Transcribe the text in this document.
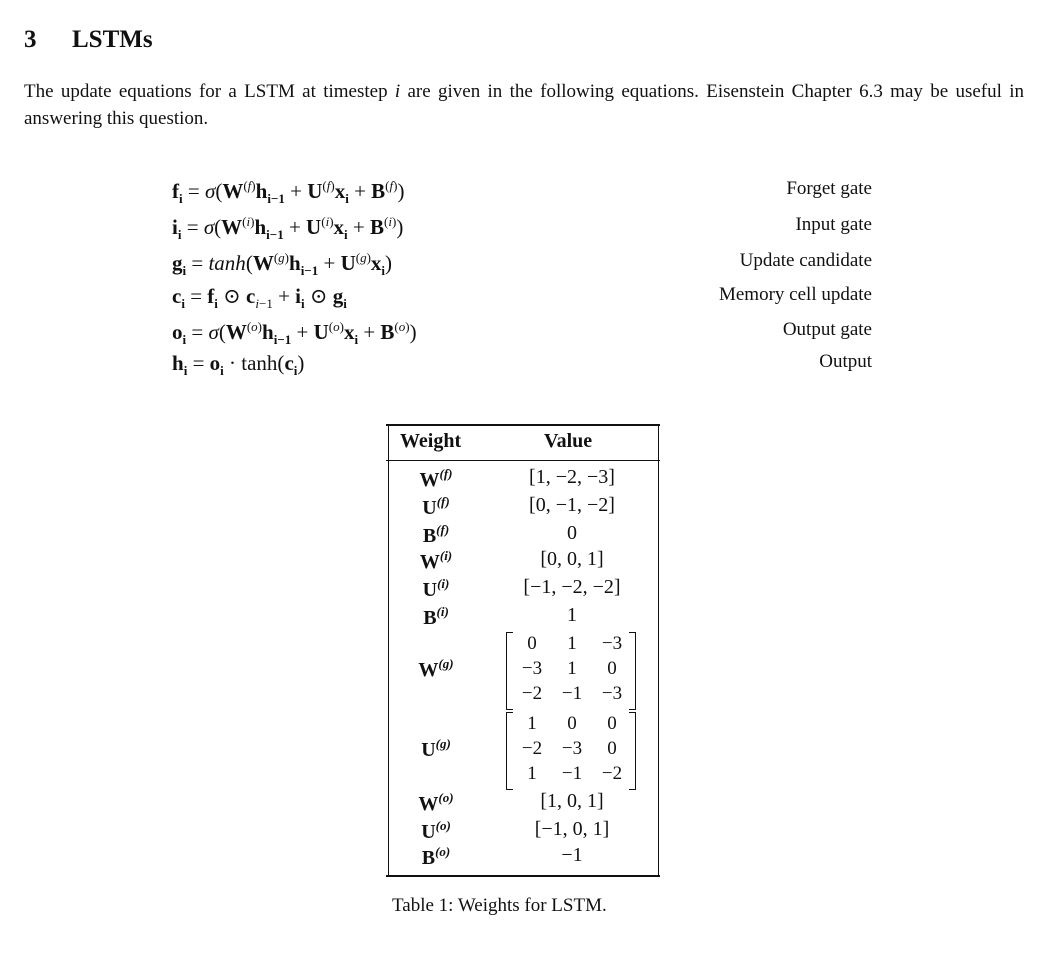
3 LSTMs
The update equations for a LSTM at timestep i are given in the following equations. Eisenstein Chapter 6.3 may be useful in answering this question.
$f_i = \sigma(W^{(f)}h_{i-1} + U^{(f)}x_i + B^{(f)})$	Forget gate
$i_i = \sigma(W^{(i)}h_{i-1} + U^{(i)}x_i + B^{(i)})$	Input gate
$g_i = \tanh(W^{(g)}h_{i-1} + U^{(g)}x_i)$	Update candidate
$c_i = f_i$ ⊙ $c_{i-1} + i_i$ ⊙ $g_i$	Memory cell update
$o_i = \sigma(W^{(o)}h_{i-1} + U^{(o)}x_i + B^{(o)})$	Output gate
$h_i = o_i \cdot \tanh(c_i)$	Output
Weight	Value
$W^{(f)}$	[1, −2, −3]
$U^{(f)}$	[0, −1, −2]
$B^{(f)}$	0
$W^{(i)}$	[0, 0, 1]
$U^{(i)}$	[−1, −2, −2]
$B^{(i)}$	1
$W^{(g)}$
0	1	−3
−3	1	0
−2	−1	−3
$U^{(g)}$
1	0	0
−2	−3	0
1	−1	−2
$W^{(o)}$	[1, 0, 1]
$U^{(o)}$	[−1, 0, 1]
$B^{(o)}$	−1
Table 1: Weights for LSTM.
